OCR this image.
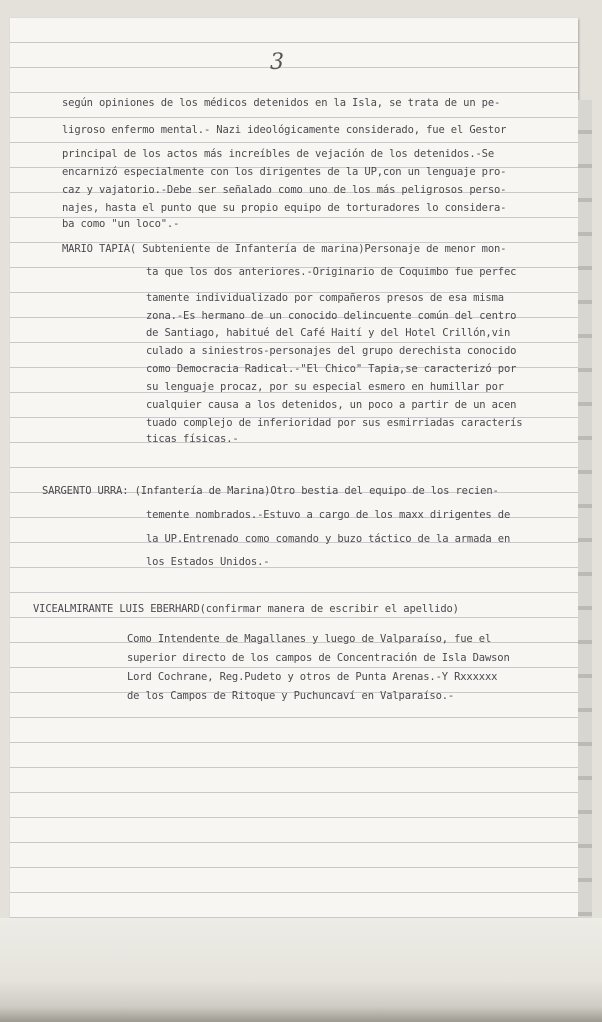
3

según opiniones de los médicos detenidos en la Isla, se trata de un pe-

ligroso enfermo mental.- Nazi ideológicamente considerado, fue el Gestor

principal de los actos más increíbles de vejación de los detenidos.-Se

encarnizó especialmente con los dirigentes de la UP,con un lenguaje pro-

caz y vajatorio.-Debe ser señalado como uno de los más peligrosos perso-

najes, hasta el punto que su propio equipo de torturadores lo considera-

ba como "un loco".-

MARIO TAPIA( Subteniente de Infantería de marina)Personaje de menor mon-

ta que los dos anteriores.-Originario de Coquimbo fue perfec

tamente individualizado por compañeros presos de esa misma

zona.-Es hermano de un conocido delincuente común del centro

de Santiago, habitué del Café Haití y del Hotel Crillón,vin

culado a siniestros-personajes del grupo derechista conocido

como Democracia Radical.-"El Chico" Tapia,se caracterizó por

su lenguaje procaz, por su especial esmero en humillar por

cualquier causa a los detenidos, un poco a partir de un acen

tuado complejo de inferioridad por sus esmirriadas caracterís

ticas físicas.-

SARGENTO URRA: (Infantería de Marina)Otro bestia del equipo de los recien-

temente nombrados.-Estuvo a cargo de los maxx dirigentes de

la UP.Entrenado como comando y buzo táctico de la armada en

los Estados Unidos.-

VICEALMIRANTE LUIS EBERHARD(confirmar manera de escribir el apellido)

Como Intendente de Magallanes y luego de Valparaíso, fue el

superior directo de los campos de Concentración de Isla Dawson

Lord Cochrane, Reg.Pudeto y otros de Punta Arenas.-Y Rxxxxxx

de los Campos de Ritoque y Puchuncaví en Valparaíso.-
